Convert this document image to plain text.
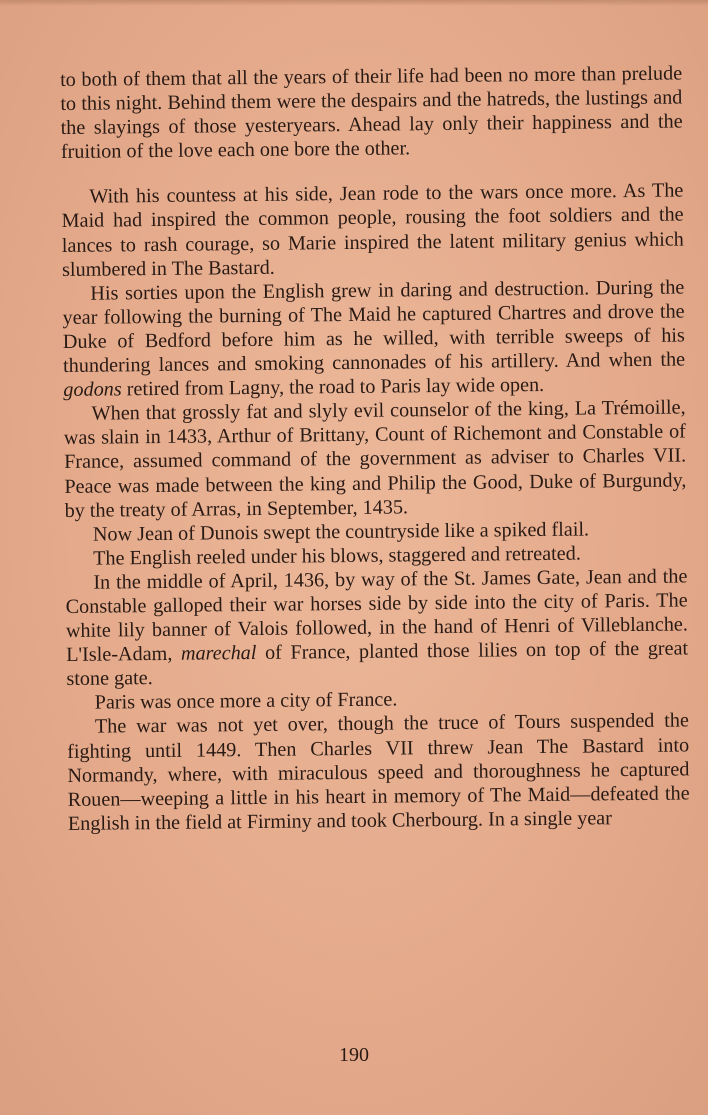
to both of them that all the years of their life had been no more than prelude to this night. Behind them were the despairs and the hatreds, the lustings and the slayings of those yesteryears. Ahead lay only their happiness and the fruition of the love each one bore the other.

With his countess at his side, Jean rode to the wars once more. As The Maid had inspired the common people, rousing the foot soldiers and the lances to rash courage, so Marie inspired the latent military genius which slumbered in The Bastard.

His sorties upon the English grew in daring and destruction. During the year following the burning of The Maid he captured Chartres and drove the Duke of Bedford before him as he willed, with terrible sweeps of his thundering lances and smoking cannonades of his artillery. And when the godons retired from Lagny, the road to Paris lay wide open.

When that grossly fat and slyly evil counselor of the king, La Trémoille, was slain in 1433, Arthur of Brittany, Count of Richemont and Constable of France, assumed command of the government as adviser to Charles VII. Peace was made between the king and Philip the Good, Duke of Burgundy, by the treaty of Arras, in September, 1435.

Now Jean of Dunois swept the countryside like a spiked flail.

The English reeled under his blows, staggered and retreated.

In the middle of April, 1436, by way of the St. James Gate, Jean and the Constable galloped their war horses side by side into the city of Paris. The white lily banner of Valois followed, in the hand of Henri of Villeblanche. L'Isle-Adam, marechal of France, planted those lilies on top of the great stone gate.

Paris was once more a city of France.

The war was not yet over, though the truce of Tours suspended the fighting until 1449. Then Charles VII threw Jean The Bastard into Normandy, where, with miraculous speed and thoroughness he captured Rouen—weeping a little in his heart in memory of The Maid—defeated the English in the field at Firminy and took Cherbourg. In a single year

190
